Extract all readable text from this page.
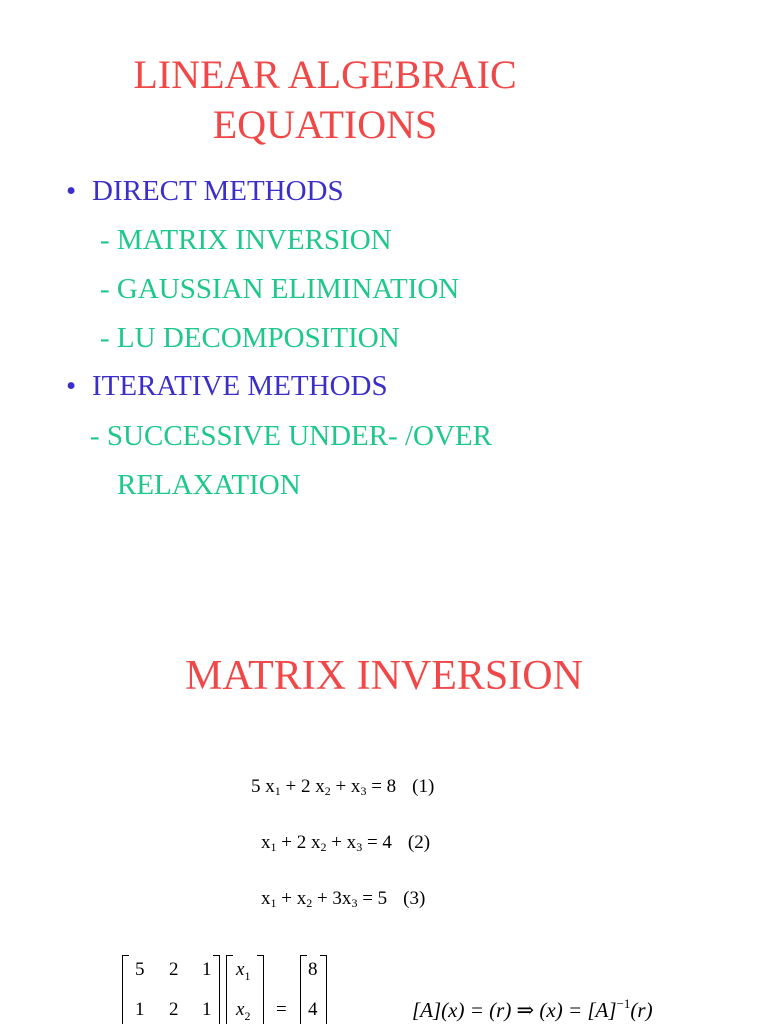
LINEAR ALGEBRAIC
EQUATIONS
• DIRECT METHODS
- MATRIX INVERSION
- GAUSSIAN ELIMINATION
- LU DECOMPOSITION
• ITERATIVE METHODS
- SUCCESSIVE UNDER- /OVER
RELAXATION
MATRIX INVERSION
5 $x_1 + 2$ $x_2 + x_3 = 8$ (1)
$x_1 + 2$ $x_2 + x_3 = 4$ (2)
$x_1 + x_2 + 3x_3 = 5$ (3)
5 2 1
1 2 1
$x_1$
$x_2$ =
8
4	[A](x) = (r) ⇒ $(x) = [A]^{-1}(r)$
